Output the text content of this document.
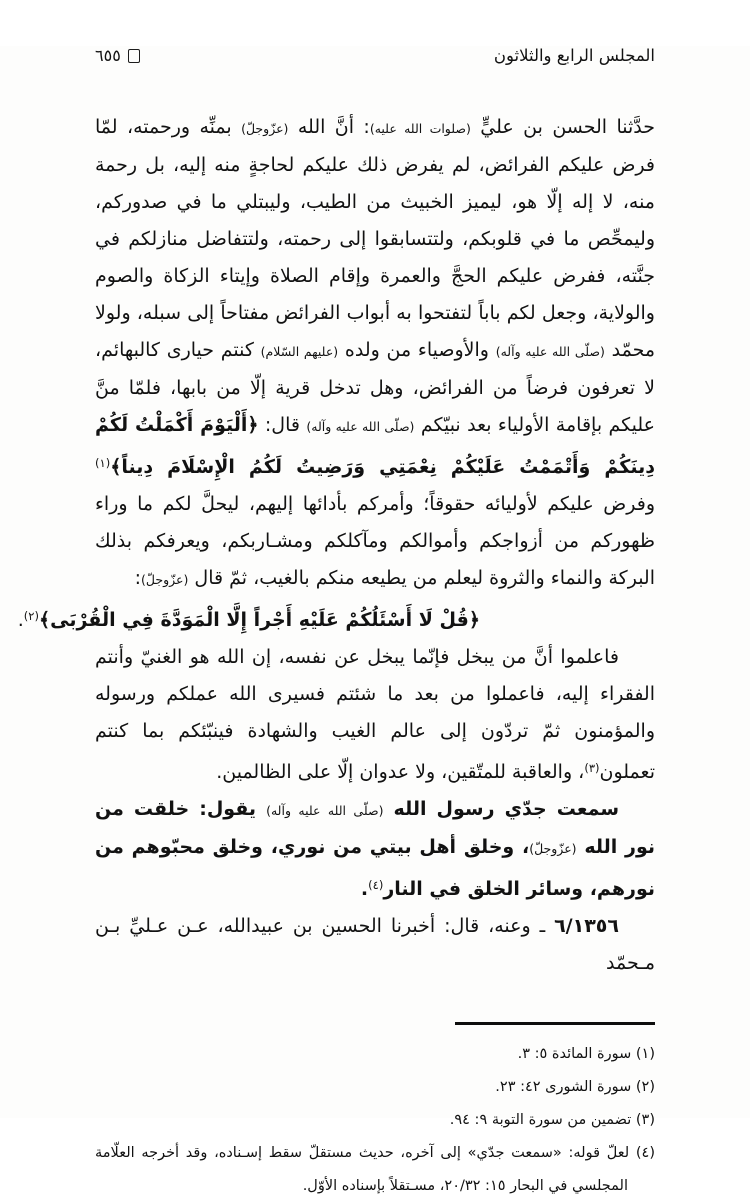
المجلس الرابع والثلاثون
٦٥٥

حدَّثنا الحسن بن عليٍّ (صلوات الله عليه): أنَّ الله (عزّوجلّ) بمنِّه ورحمته، لمّا فرض عليكم الفرائض، لم يفرض ذلك عليكم لحاجةٍ منه إليه، بل رحمة منه، لا إله إلّا هو، ليميز الخبيث من الطيب، وليبتلي ما في صدوركم، وليمحِّص ما في قلوبكم، ولتتسابقوا إلى رحمته، ولتتفاضل منازلكم في جنَّته، ففرض عليكم الحجَّ والعمرة وإقام الصلاة وإيتاء الزكاة والصوم والولاية، وجعل لكم باباً لتفتحوا به أبواب الفرائض مفتاحاً إلى سبله، ولولا محمّد (صلّى الله عليه وآله) والأوصياء من ولده (عليهم السّلام) كنتم حيارى كالبهائم، لا تعرفون فرضاً من الفرائض، وهل تدخل قرية إلّا من بابها، فلمّا منَّ عليكم بإقامة الأولياء بعد نبيّكم (صلّى الله عليه وآله) قال: ﴿أَلْيَوْمَ أَكْمَلْتُ لَكُمْ دِينَكُمْ وَأَتْمَمْتُ عَلَيْكُمْ نِعْمَتِي وَرَضِيتُ لَكُمُ الْإِسْلَامَ دِيناً﴾$^{(١)}$ وفرض عليكم لأوليائه حقوقاً؛ وأمركم بأدائها إليهم، ليحلَّ لكم ما وراء ظهوركم من أزواجكم وأموالكم ومآكلكم ومشـاربكم، ويعرفكم بذلك البركة والنماء والثروة ليعلم من يطيعه منكم بالغيب، ثمّ قال (عزّوجلّ):

﴿قُلْ لَا أَسْئَلُكُمْ عَلَيْهِ أَجْراً إِلَّا الْمَوَدَّةَ فِي الْقُرْبَى﴾$^{(٢)}$.

فاعلموا أنَّ من يبخل فإنّما يبخل عن نفسه، إن الله هو الغنيّ وأنتم الفقراء إليه، فاعملوا من بعد ما شئتم فسيرى الله عملكم ورسوله والمؤمنون ثمّ تردّون إلى عالم الغيب والشهادة فينبّئكم بما كنتم تعملون$^{(٣)}$، والعاقبة للمتّقين، ولا عدوان إلّا على الظالمين.

سمعت جدّي رسول الله (صلّى الله عليه وآله) يقول: خلقت من نور الله (عزّوجلّ)، وخلق أهل بيتي من نوري، وخلق محبّوهم من نورهم، وسائر الخلق في النار$^{(٤)}$.

٦/١٣٥٦ ـ وعنه، قال: أخبرنا الحسين بن عبيدالله، عـن عـليِّ بـن مـحمّد

(١) سورة المائدة ٥: ٣.
(٢) سورة الشورى ٤٢: ٢٣.
(٣) تضمين من سورة التوبة ٩: ٩٤.
(٤) لعلّ قوله: «سمعت جدّي» إلى آخره، حديث مستقلّ سقط إسـناده، وقد أخرجه العلّامة المجلسي في البحار ١٥: ٢٠/٣٢، مسـتقلاً بإسناده الأوّل.
